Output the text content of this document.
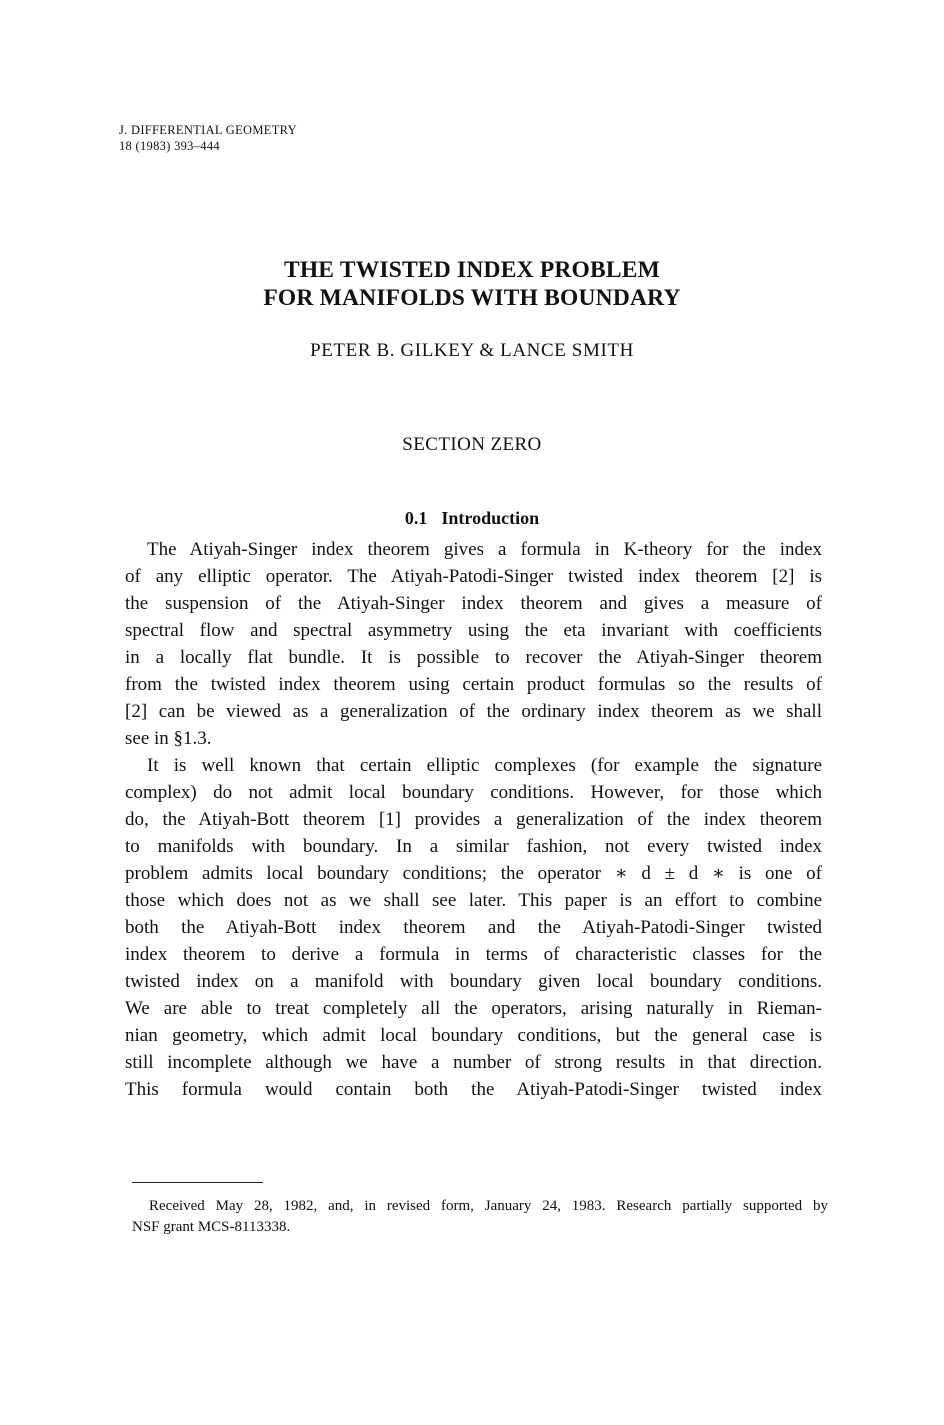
J. DIFFERENTIAL GEOMETRY
18 (1983) 393–444
THE TWISTED INDEX PROBLEM
FOR MANIFOLDS WITH BOUNDARY
PETER B. GILKEY & LANCE SMITH
SECTION ZERO
0.1 Introduction
The Atiyah-Singer index theorem gives a formula in K-theory for the index
of any elliptic operator. The Atiyah-Patodi-Singer twisted index theorem [2] is
the suspension of the Atiyah-Singer index theorem and gives a measure of
spectral flow and spectral asymmetry using the eta invariant with coefficients
in a locally flat bundle. It is possible to recover the Atiyah-Singer theorem
from the twisted index theorem using certain product formulas so the results of
[2] can be viewed as a generalization of the ordinary index theorem as we shall
see in §1.3.
It is well known that certain elliptic complexes (for example the signature
complex) do not admit local boundary conditions. However, for those which
do, the Atiyah-Bott theorem [1] provides a generalization of the index theorem
to manifolds with boundary. In a similar fashion, not every twisted index
problem admits local boundary conditions; the operator ∗ d ± d ∗ is one of
those which does not as we shall see later. This paper is an effort to combine
both the Atiyah-Bott index theorem and the Atiyah-Patodi-Singer twisted
index theorem to derive a formula in terms of characteristic classes for the
twisted index on a manifold with boundary given local boundary conditions.
We are able to treat completely all the operators, arising naturally in Rieman-
nian geometry, which admit local boundary conditions, but the general case is
still incomplete although we have a number of strong results in that direction.
This formula would contain both the Atiyah-Patodi-Singer twisted index
Received May 28, 1982, and, in revised form, January 24, 1983. Research partially supported by
NSF grant MCS-8113338.
